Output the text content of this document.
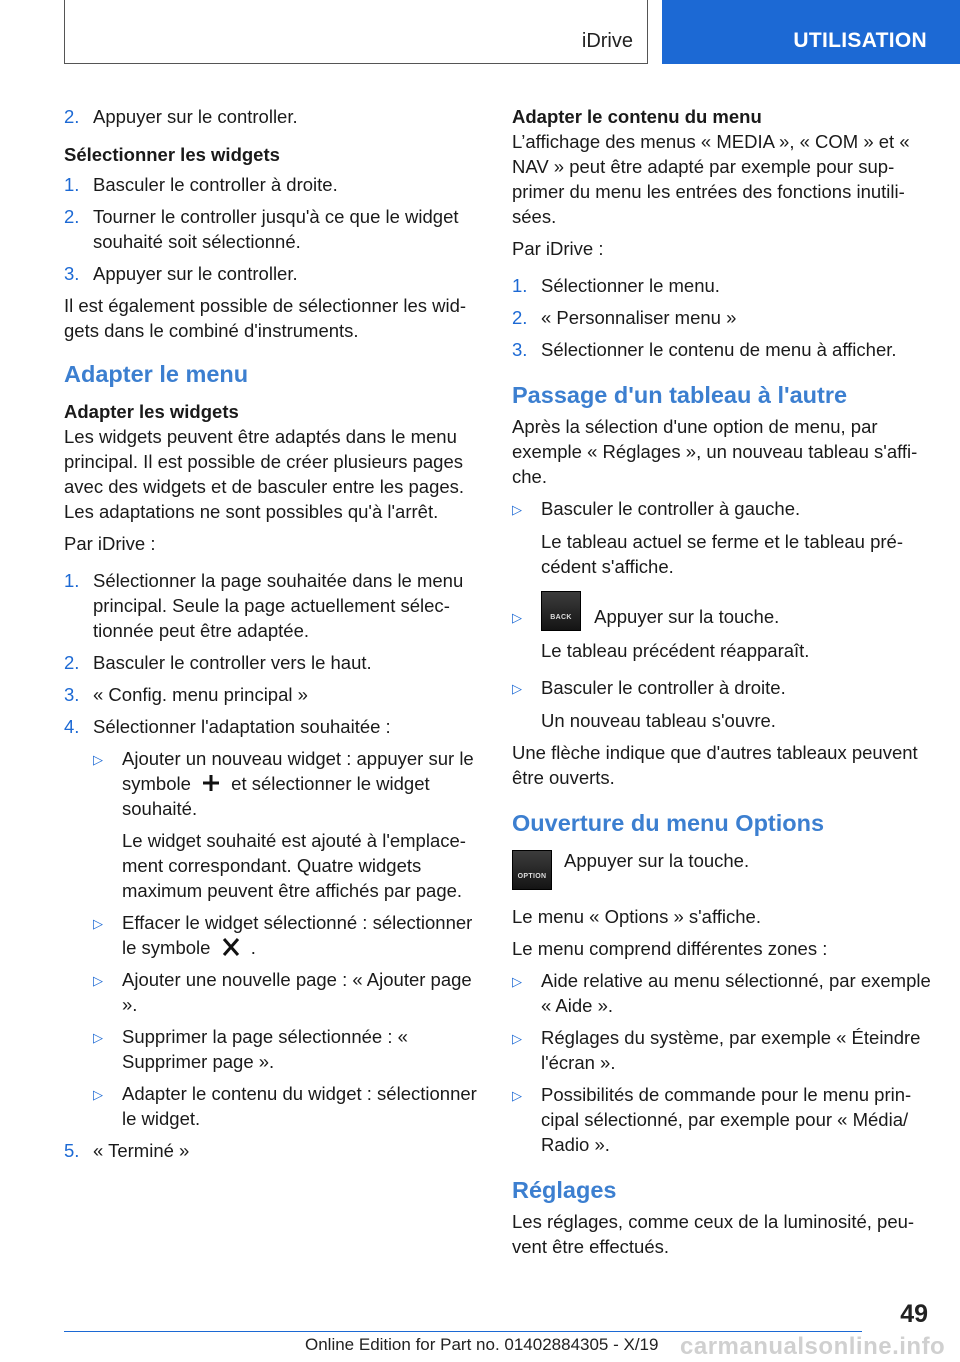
iDrive	UTILISATION
2. Appuyer sur le controller.

Sélectionner les widgets

1. Basculer le controller à droite.
2. Tourner le controller jusqu'à ce que le widget souhaité soit sélectionné.
3. Appuyer sur le controller.

Il est également possible de sélectionner les widgets dans le combiné d'instruments.

Adapter le menu

Adapter les widgets

Les widgets peuvent être adaptés dans le menu principal. Il est possible de créer plusieurs pages avec des widgets et de basculer entre les pages. Les adaptations ne sont possibles qu'à l'arrêt.

Par iDrive :

1. Sélectionner la page souhaitée dans le menu principal. Seule la page actuellement sélectionnée peut être adaptée.
2. Basculer le controller vers le haut.
3. « Config. menu principal »
4. Sélectionner l'adaptation souhaitée :
▷	Ajouter un nouveau widget : appuyer sur le symbole et sélectionner le widget souhaité.

Le widget souhaité est ajouté à l'emplacement correspondant. Quatre widgets maximum peuvent être affichés par page.

▷	Effacer le widget sélectionné : sélectionner le symbole .
▷	Ajouter une nouvelle page : « Ajouter page ».
▷	Supprimer la page sélectionnée : « Supprimer page ».
▷	Adapter le contenu du widget : sélectionner le widget.
5. « Terminé »

Adapter le contenu du menu

L’affichage des menus « MEDIA », « COM » et « NAV » peut être adapté par exemple pour supprimer du menu les entrées des fonctions inutilisées.

Par iDrive :

1. Sélectionner le menu.
2. « Personnaliser menu »
3. Sélectionner le contenu de menu à afficher.

Passage d'un tableau à l'autre

Après la sélection d'une option de menu, par exemple « Réglages », un nouveau tableau s'affiche.

▷	Basculer le controller à gauche.

Le tableau actuel se ferme et le tableau précédent s'affiche.

▷	BACK	Appuyer sur la touche.

Le tableau précédent réapparaît.

▷	Basculer le controller à droite.

Un nouveau tableau s'ouvre.

Une flèche indique que d'autres tableaux peuvent être ouverts.

Ouverture du menu Options

OPTION
Appuyer sur la touche.

Le menu « Options » s'affiche.

Le menu comprend différentes zones :

▷	Aide relative au menu sélectionné, par exemple « Aide ».
▷	Réglages du système, par exemple « Éteindre l'écran ».
▷	Possibilités de commande pour le menu principal sélectionné, par exemple pour « Média/ Radio ».

Réglages

Les réglages, comme ceux de la luminosité, peuvent être effectués.

49
Online Edition for Part no. 01402884305 - X/19 carmanualsonline.info
